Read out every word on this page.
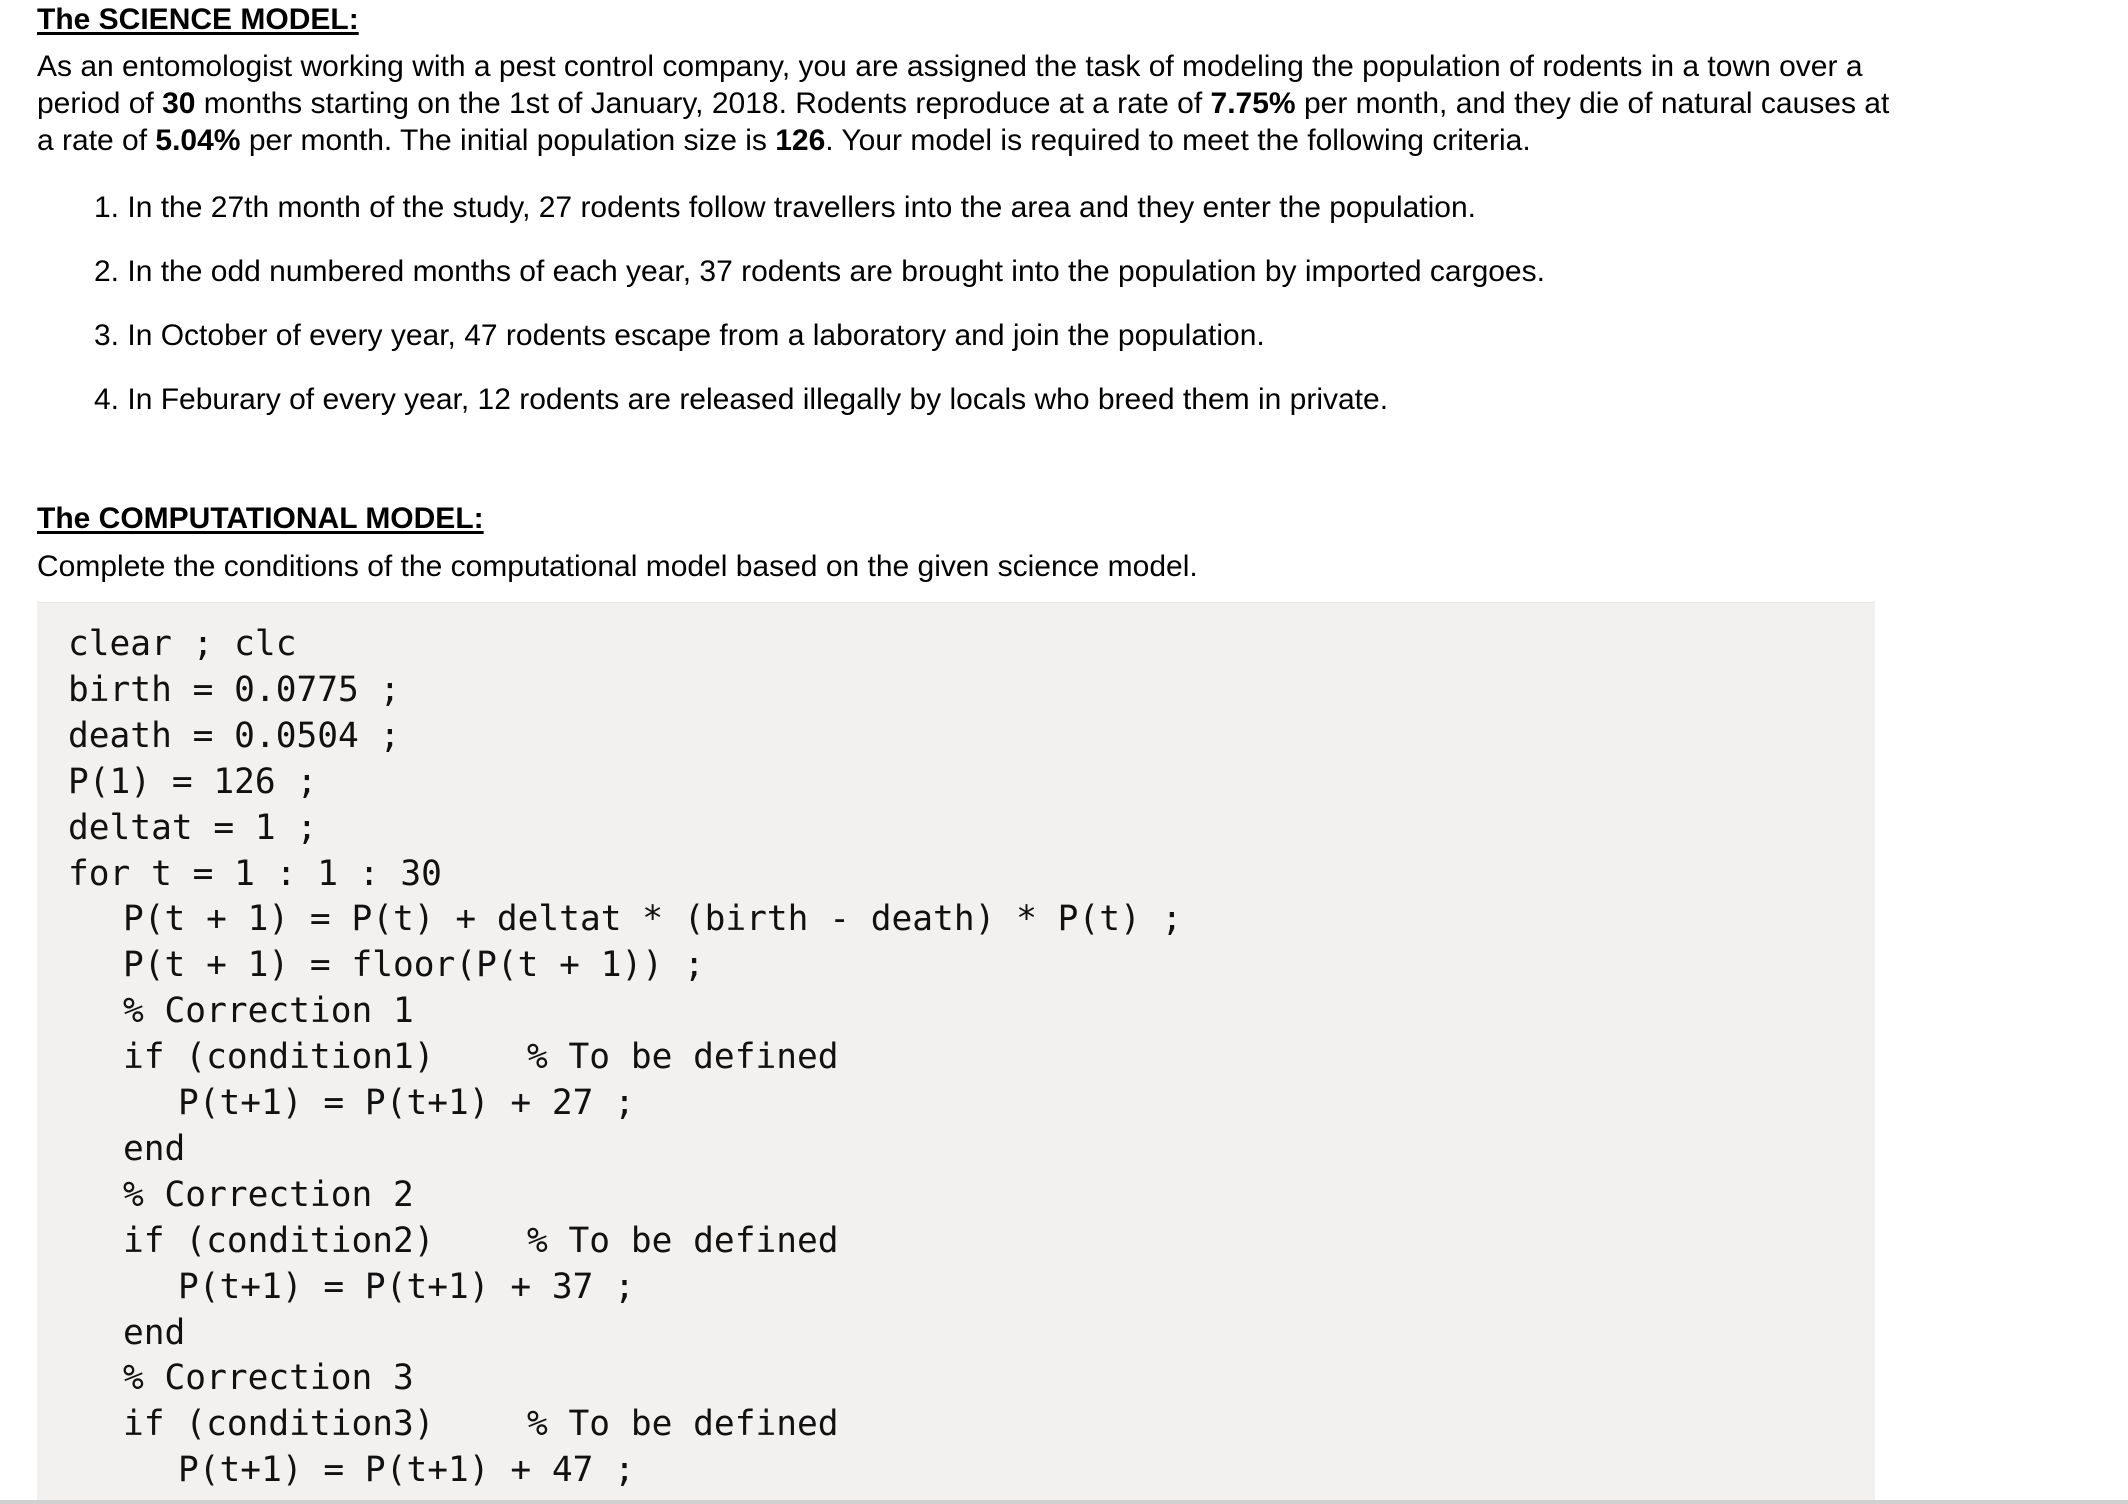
The SCIENCE MODEL:

As an entomologist working with a pest control company, you are assigned the task of modeling the population of rodents in a town over a period of 30 months starting on the 1st of January, 2018. Rodents reproduce at a rate of 7.75% per month, and they die of natural causes at a rate of 5.04% per month. The initial population size is 126. Your model is required to meet the following criteria.

1. In the 27th month of the study, 27 rodents follow travellers into the area and they enter the population.
2. In the odd numbered months of each year, 37 rodents are brought into the population by imported cargoes.
3. In October of every year, 47 rodents escape from a laboratory and join the population.
4. In Feburary of every year, 12 rodents are released illegally by locals who breed them in private.
The COMPUTATIONAL MODEL:

Complete the conditions of the computational model based on the given science model.

clear ; clc
birth = 0.0775 ;
death = 0.0504 ;
P(1) = 126 ;
deltat = 1 ;
for t = 1 : 1 : 30
P(t + 1) = P(t) + deltat * (birth - death) * P(t) ;
P(t + 1) = floor(P(t + 1)) ;
% Correction 1
if (condition1)	% To be defined
P(t+1) = P(t+1) + 27 ;
end
% Correction 2
if (condition2)	% To be defined
P(t+1) = P(t+1) + 37 ;
end
% Correction 3
if (condition3)	% To be defined
P(t+1) = P(t+1) + 47 ;
